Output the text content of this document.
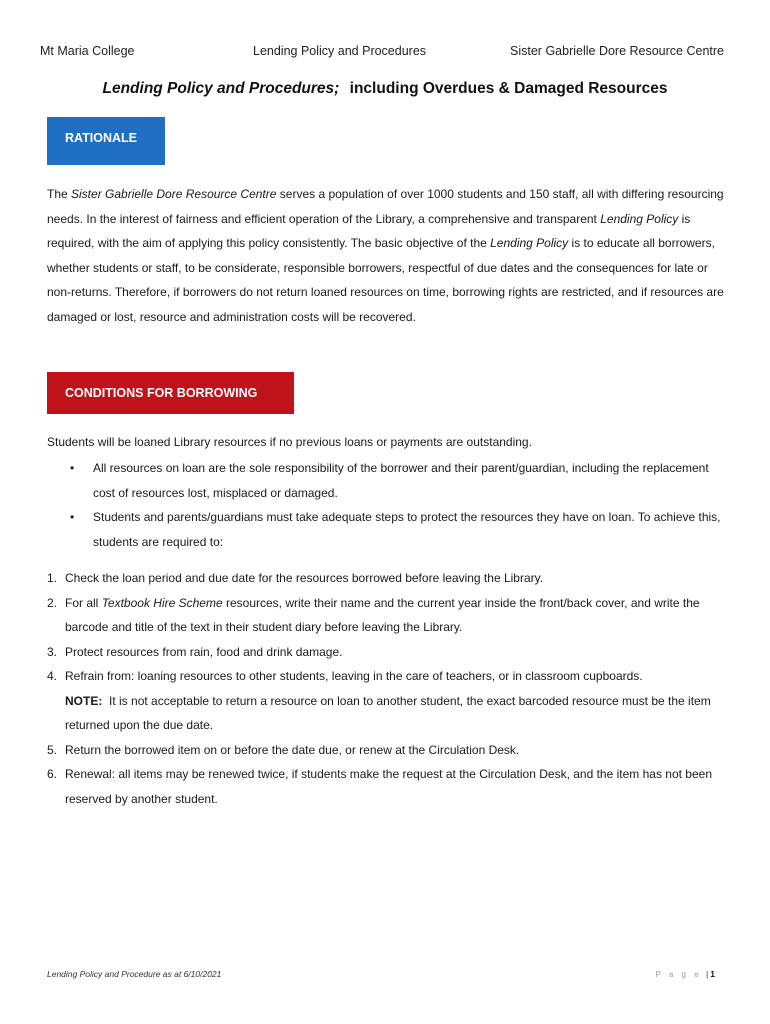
Mt Maria College	Lending Policy and Procedures	Sister Gabrielle Dore Resource Centre
Lending Policy and Procedures; including Overdues & Damaged Resources
RATIONALE
The Sister Gabrielle Dore Resource Centre serves a population of over 1000 students and 150 staff, all with differing resourcing needs. In the interest of fairness and efficient operation of the Library, a comprehensive and transparent Lending Policy is required, with the aim of applying this policy consistently. The basic objective of the Lending Policy is to educate all borrowers, whether students or staff, to be considerate, responsible borrowers, respectful of due dates and the consequences for late or non-returns. Therefore, if borrowers do not return loaned resources on time, borrowing rights are restricted, and if resources are damaged or lost, resource and administration costs will be recovered.
CONDITIONS FOR BORROWING
Students will be loaned Library resources if no previous loans or payments are outstanding.
• All resources on loan are the sole responsibility of the borrower and their parent/guardian, including the replacement cost of resources lost, misplaced or damaged.
• Students and parents/guardians must take adequate steps to protect the resources they have on loan. To achieve this, students are required to:
1. Check the loan period and due date for the resources borrowed before leaving the Library.
2. For all Textbook Hire Scheme resources, write their name and the current year inside the front/back cover, and write the barcode and title of the text in their student diary before leaving the Library.
3. Protect resources from rain, food and drink damage.
4. Refrain from: loaning resources to other students, leaving in the care of teachers, or in classroom cupboards.
NOTE: It is not acceptable to return a resource on loan to another student, the exact barcoded resource must be the item returned upon the due date.
5. Return the borrowed item on or before the date due, or renew at the Circulation Desk.
6. Renewal: all items may be renewed twice, if students make the request at the Circulation Desk, and the item has not been reserved by another student.
Lending Policy and Procedure as at 6/10/2021	P a g e | 1
